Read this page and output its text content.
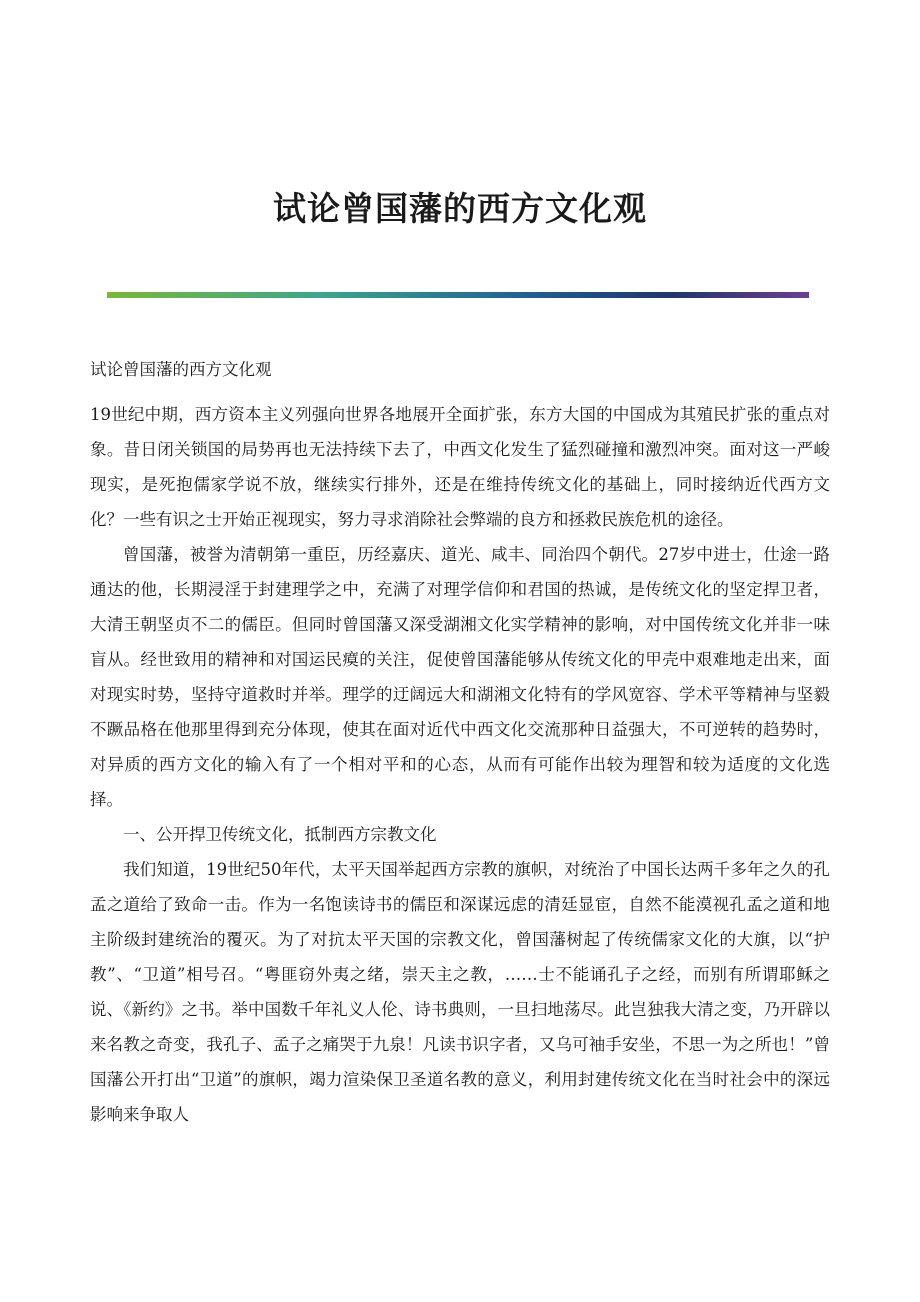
试论曾国藩的西方文化观

试论曾国藩的西方文化观

19世纪中期，西方资本主义列强向世界各地展开全面扩张，东方大国的中国成为其殖民扩张的重点对象。昔日闭关锁国的局势再也无法持续下去了，中西文化发生了猛烈碰撞和激烈冲突。面对这一严峻现实，是死抱儒家学说不放，继续实行排外，还是在维持传统文化的基础上，同时接纳近代西方文化？一些有识之士开始正视现实，努力寻求消除社会弊端的良方和拯救民族危机的途径。

曾国藩，被誉为清朝第一重臣，历经嘉庆、道光、咸丰、同治四个朝代。27岁中进士，仕途一路通达的他，长期浸淫于封建理学之中，充满了对理学信仰和君国的热诚，是传统文化的坚定捍卫者，大清王朝坚贞不二的儒臣。但同时曾国藩又深受湖湘文化实学精神的影响，对中国传统文化并非一味盲从。经世致用的精神和对国运民瘼的关注，促使曾国藩能够从传统文化的甲壳中艰难地走出来，面对现实时势，坚持守道救时并举。理学的迂阔远大和湖湘文化特有的学风宽容、学术平等精神与坚毅不蹶品格在他那里得到充分体现，使其在面对近代中西文化交流那种日益强大，不可逆转的趋势时，对异质的西方文化的输入有了一个相对平和的心态，从而有可能作出较为理智和较为适度的文化选择。

一、公开捍卫传统文化，抵制西方宗教文化

我们知道，19世纪50年代，太平天国举起西方宗教的旗帜，对统治了中国长达两千多年之久的孔孟之道给了致命一击。作为一名饱读诗书的儒臣和深谋远虑的清廷显宦，自然不能漠视孔孟之道和地主阶级封建统治的覆灭。为了对抗太平天国的宗教文化，曾国藩树起了传统儒家文化的大旗，以“护教”、“卫道”相号召。“粤匪窃外夷之绪，崇天主之教，……士不能诵孔子之经，而别有所谓耶稣之说、《新约》之书。举中国数千年礼义人伦、诗书典则，一旦扫地荡尽。此岂独我大清之变，乃开辟以来名教之奇变，我孔子、孟子之痛哭于九泉！凡读书识字者，又乌可袖手安坐，不思一为之所也！”曾国藩公开打出“卫道”的旗帜，竭力渲染保卫圣道名教的意义，利用封建传统文化在当时社会中的深远影响来争取人
